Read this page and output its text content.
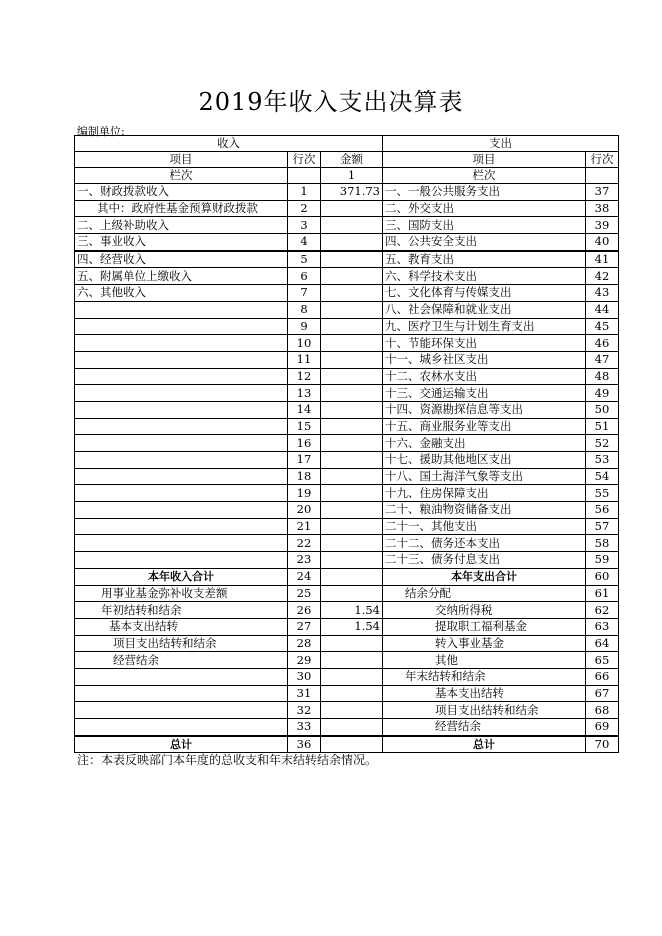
2019年收入支出决算表
编制单位:
收入			支出	
项目	行次	金额	项目	行次
栏次		1	栏次	
一、财政拨款收入	1	371.73	一、一般公共服务支出	37
其中：政府性基金预算财政拨款	2		二、外交支出	38
二、上级补助收入	3		三、国防支出	39
三、事业收入	4		四、公共安全支出	40
四、经营收入	5		五、教育支出	41
五、附属单位上缴收入	6		六、科学技术支出	42
六、其他收入	7		七、文化体育与传媒支出	43
	8		八、社会保障和就业支出	44
	9		九、医疗卫生与计划生育支出	45
	10		十、节能环保支出	46
	11		十一、城乡社区支出	47
	12		十二、农林水支出	48
	13		十三、交通运输支出	49
	14		十四、资源勘探信息等支出	50
	15		十五、商业服务业等支出	51
	16		十六、金融支出	52
	17		十七、援助其他地区支出	53
	18		十八、国土海洋气象等支出	54
	19		十九、住房保障支出	55
	20		二十、粮油物资储备支出	56
	21		二十一、其他支出	57
	22		二十二、债务还本支出	58
	23		二十三、债务付息支出	59
本年收入合计	24		本年支出合计	60
用事业基金弥补收支差额	25		结余分配	61
年初结转和结余	26	1.54	交纳所得税	62
基本支出结转	27	1.54	提取职工福利基金	63
项目支出结转和结余	28		转入事业基金	64
经营结余	29		其他	65
	30		年末结转和结余	66
	31		基本支出结转	67
	32		项目支出结转和结余	68
	33		经营结余	69
总计	36		总计	70
注：本表反映部门本年度的总收支和年末结转结余情况。
